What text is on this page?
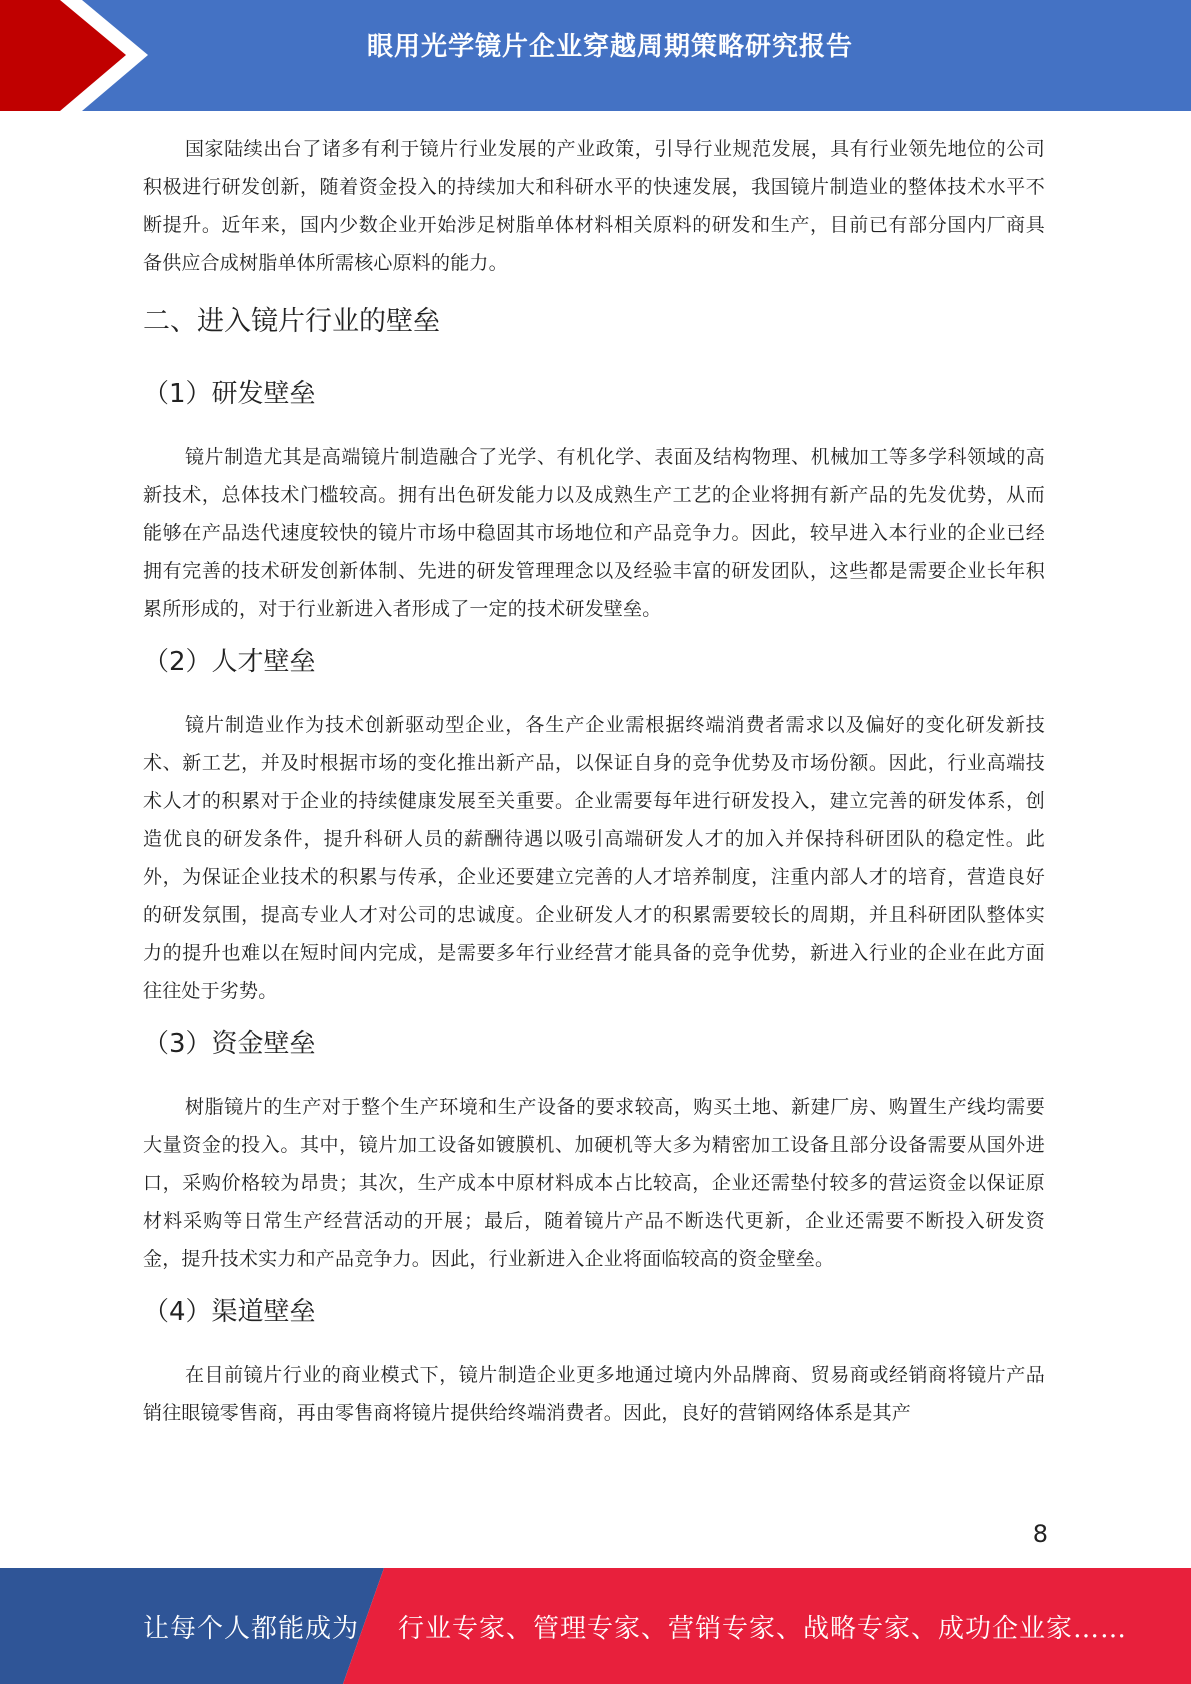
眼用光学镜片企业穿越周期策略研究报告

国家陆续出台了诸多有利于镜片行业发展的产业政策，引导行业规范发展，具有行业领先地位的公司积极进行研发创新，随着资金投入的持续加大和科研水平的快速发展，我国镜片制造业的整体技术水平不断提升。近年来，国内少数企业开始涉足树脂单体材料相关原料的研发和生产，目前已有部分国内厂商具备供应合成树脂单体所需核心原料的能力。

二、进入镜片行业的壁垒
（1）研发壁垒

镜片制造尤其是高端镜片制造融合了光学、有机化学、表面及结构物理、机械加工等多学科领域的高新技术，总体技术门槛较高。拥有出色研发能力以及成熟生产工艺的企业将拥有新产品的先发优势，从而能够在产品迭代速度较快的镜片市场中稳固其市场地位和产品竞争力。因此，较早进入本行业的企业已经拥有完善的技术研发创新体制、先进的研发管理理念以及经验丰富的研发团队，这些都是需要企业长年积累所形成的，对于行业新进入者形成了一定的技术研发壁垒。

（2）人才壁垒

镜片制造业作为技术创新驱动型企业，各生产企业需根据终端消费者需求以及偏好的变化研发新技术、新工艺，并及时根据市场的变化推出新产品，以保证自身的竞争优势及市场份额。因此，行业高端技术人才的积累对于企业的持续健康发展至关重要。企业需要每年进行研发投入，建立完善的研发体系，创造优良的研发条件，提升科研人员的薪酬待遇以吸引高端研发人才的加入并保持科研团队的稳定性。此外，为保证企业技术的积累与传承，企业还要建立完善的人才培养制度，注重内部人才的培育，营造良好的研发氛围，提高专业人才对公司的忠诚度。企业研发人才的积累需要较长的周期，并且科研团队整体实力的提升也难以在短时间内完成，是需要多年行业经营才能具备的竞争优势，新进入行业的企业在此方面往往处于劣势。

（3）资金壁垒

树脂镜片的生产对于整个生产环境和生产设备的要求较高，购买土地、新建厂房、购置生产线均需要大量资金的投入。其中，镜片加工设备如镀膜机、加硬机等大多为精密加工设备且部分设备需要从国外进口，采购价格较为昂贵；其次，生产成本中原材料成本占比较高，企业还需垫付较多的营运资金以保证原材料采购等日常生产经营活动的开展；最后，随着镜片产品不断迭代更新，企业还需要不断投入研发资金，提升技术实力和产品竞争力。因此，行业新进入企业将面临较高的资金壁垒。

（4）渠道壁垒

在目前镜片行业的商业模式下，镜片制造企业更多地通过境内外品牌商、贸易商或经销商将镜片产品销往眼镜零售商，再由零售商将镜片提供给终端消费者。因此，良好的营销网络体系是其产

8
让每个人都能成为 行业专家、管理专家、营销专家、战略专家、成功企业家……
